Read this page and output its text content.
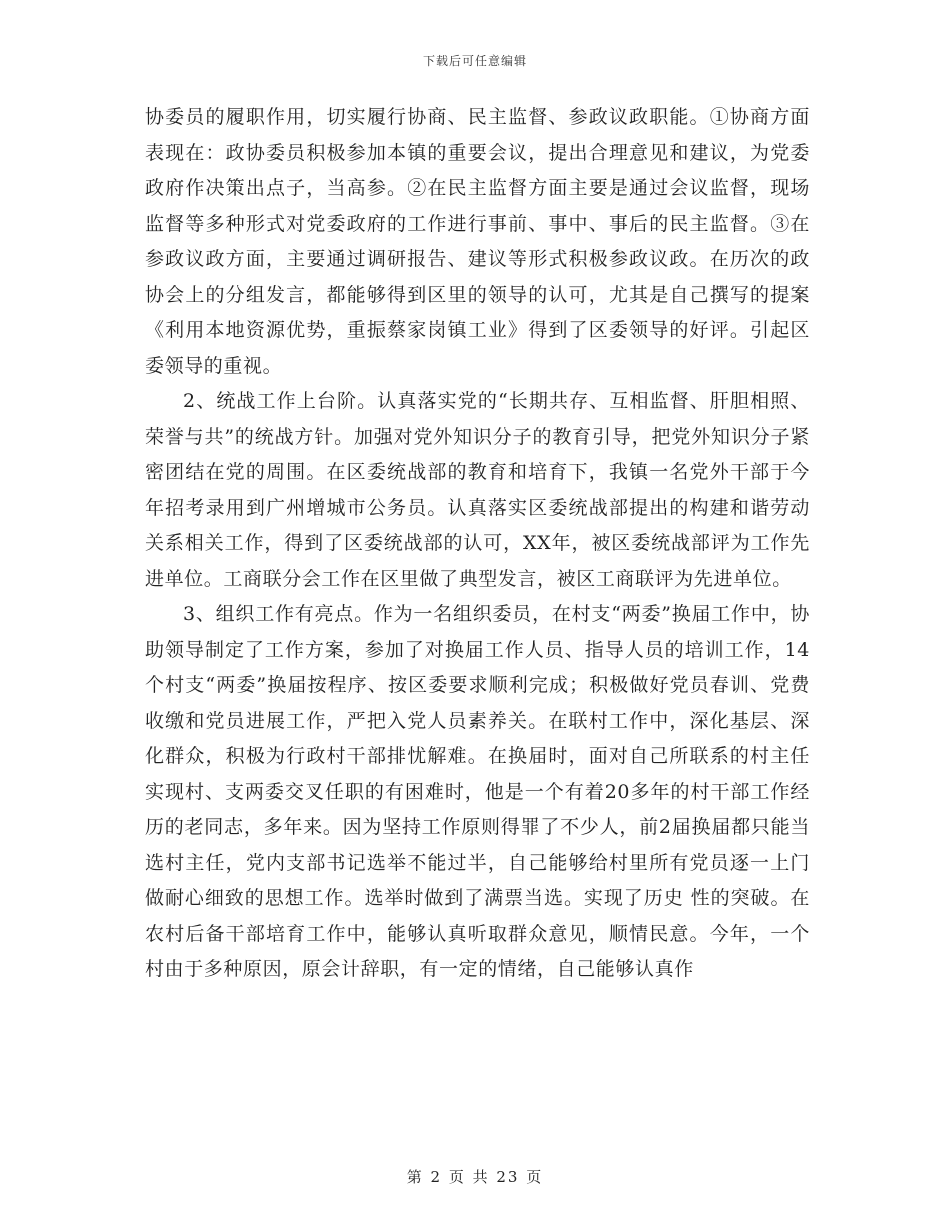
下载后可任意编辑

协委员的履职作用，切实履行协商、民主监督、参政议政职能。①协商方面表现在：政协委员积极参加本镇的重要会议，提出合理意见和建议，为党委政府作决策出点子，当高参。②在民主监督方面主要是通过会议监督，现场监督等多种形式对党委政府的工作进行事前、事中、事后的民主监督。③在参政议政方面，主要通过调研报告、建议等形式积极参政议政。在历次的政协会上的分组发言，都能够得到区里的领导的认可，尤其是自己撰写的提案《利用本地资源优势，重振蔡家岗镇工业》得到了区委领导的好评。引起区委领导的重视。

2、统战工作上台阶。认真落实党的“长期共存、互相监督、肝胆相照、荣誉与共”的统战方针。加强对党外知识分子的教育引导，把党外知识分子紧密团结在党的周围。在区委统战部的教育和培育下，我镇一名党外干部于今年招考录用到广州增城市公务员。认真落实区委统战部提出的构建和谐劳动关系相关工作，得到了区委统战部的认可，XX年，被区委统战部评为工作先进单位。工商联分会工作在区里做了典型发言，被区工商联评为先进单位。

3、组织工作有亮点。作为一名组织委员，在村支“两委”换届工作中，协助领导制定了工作方案，参加了对换届工作人员、指导人员的培训工作，14个村支“两委”换届按程序、按区委要求顺利完成；积极做好党员春训、党费收缴和党员进展工作，严把入党人员素养关。在联村工作中，深化基层、深化群众，积极为行政村干部排忧解难。在换届时，面对自己所联系的村主任实现村、支两委交叉任职的有困难时，他是一个有着20多年的村干部工作经历的老同志，多年来。因为坚持工作原则得罪了不少人，前2届换届都只能当选村主任，党内支部书记选举不能过半，自己能够给村里所有党员逐一上门做耐心细致的思想工作。选举时做到了满票当选。实现了历史 性的突破。在农村后备干部培育工作中，能够认真听取群众意见，顺情民意。今年，一个村由于多种原因，原会计辞职，有一定的情绪，自己能够认真作

第 2 页 共 23 页
